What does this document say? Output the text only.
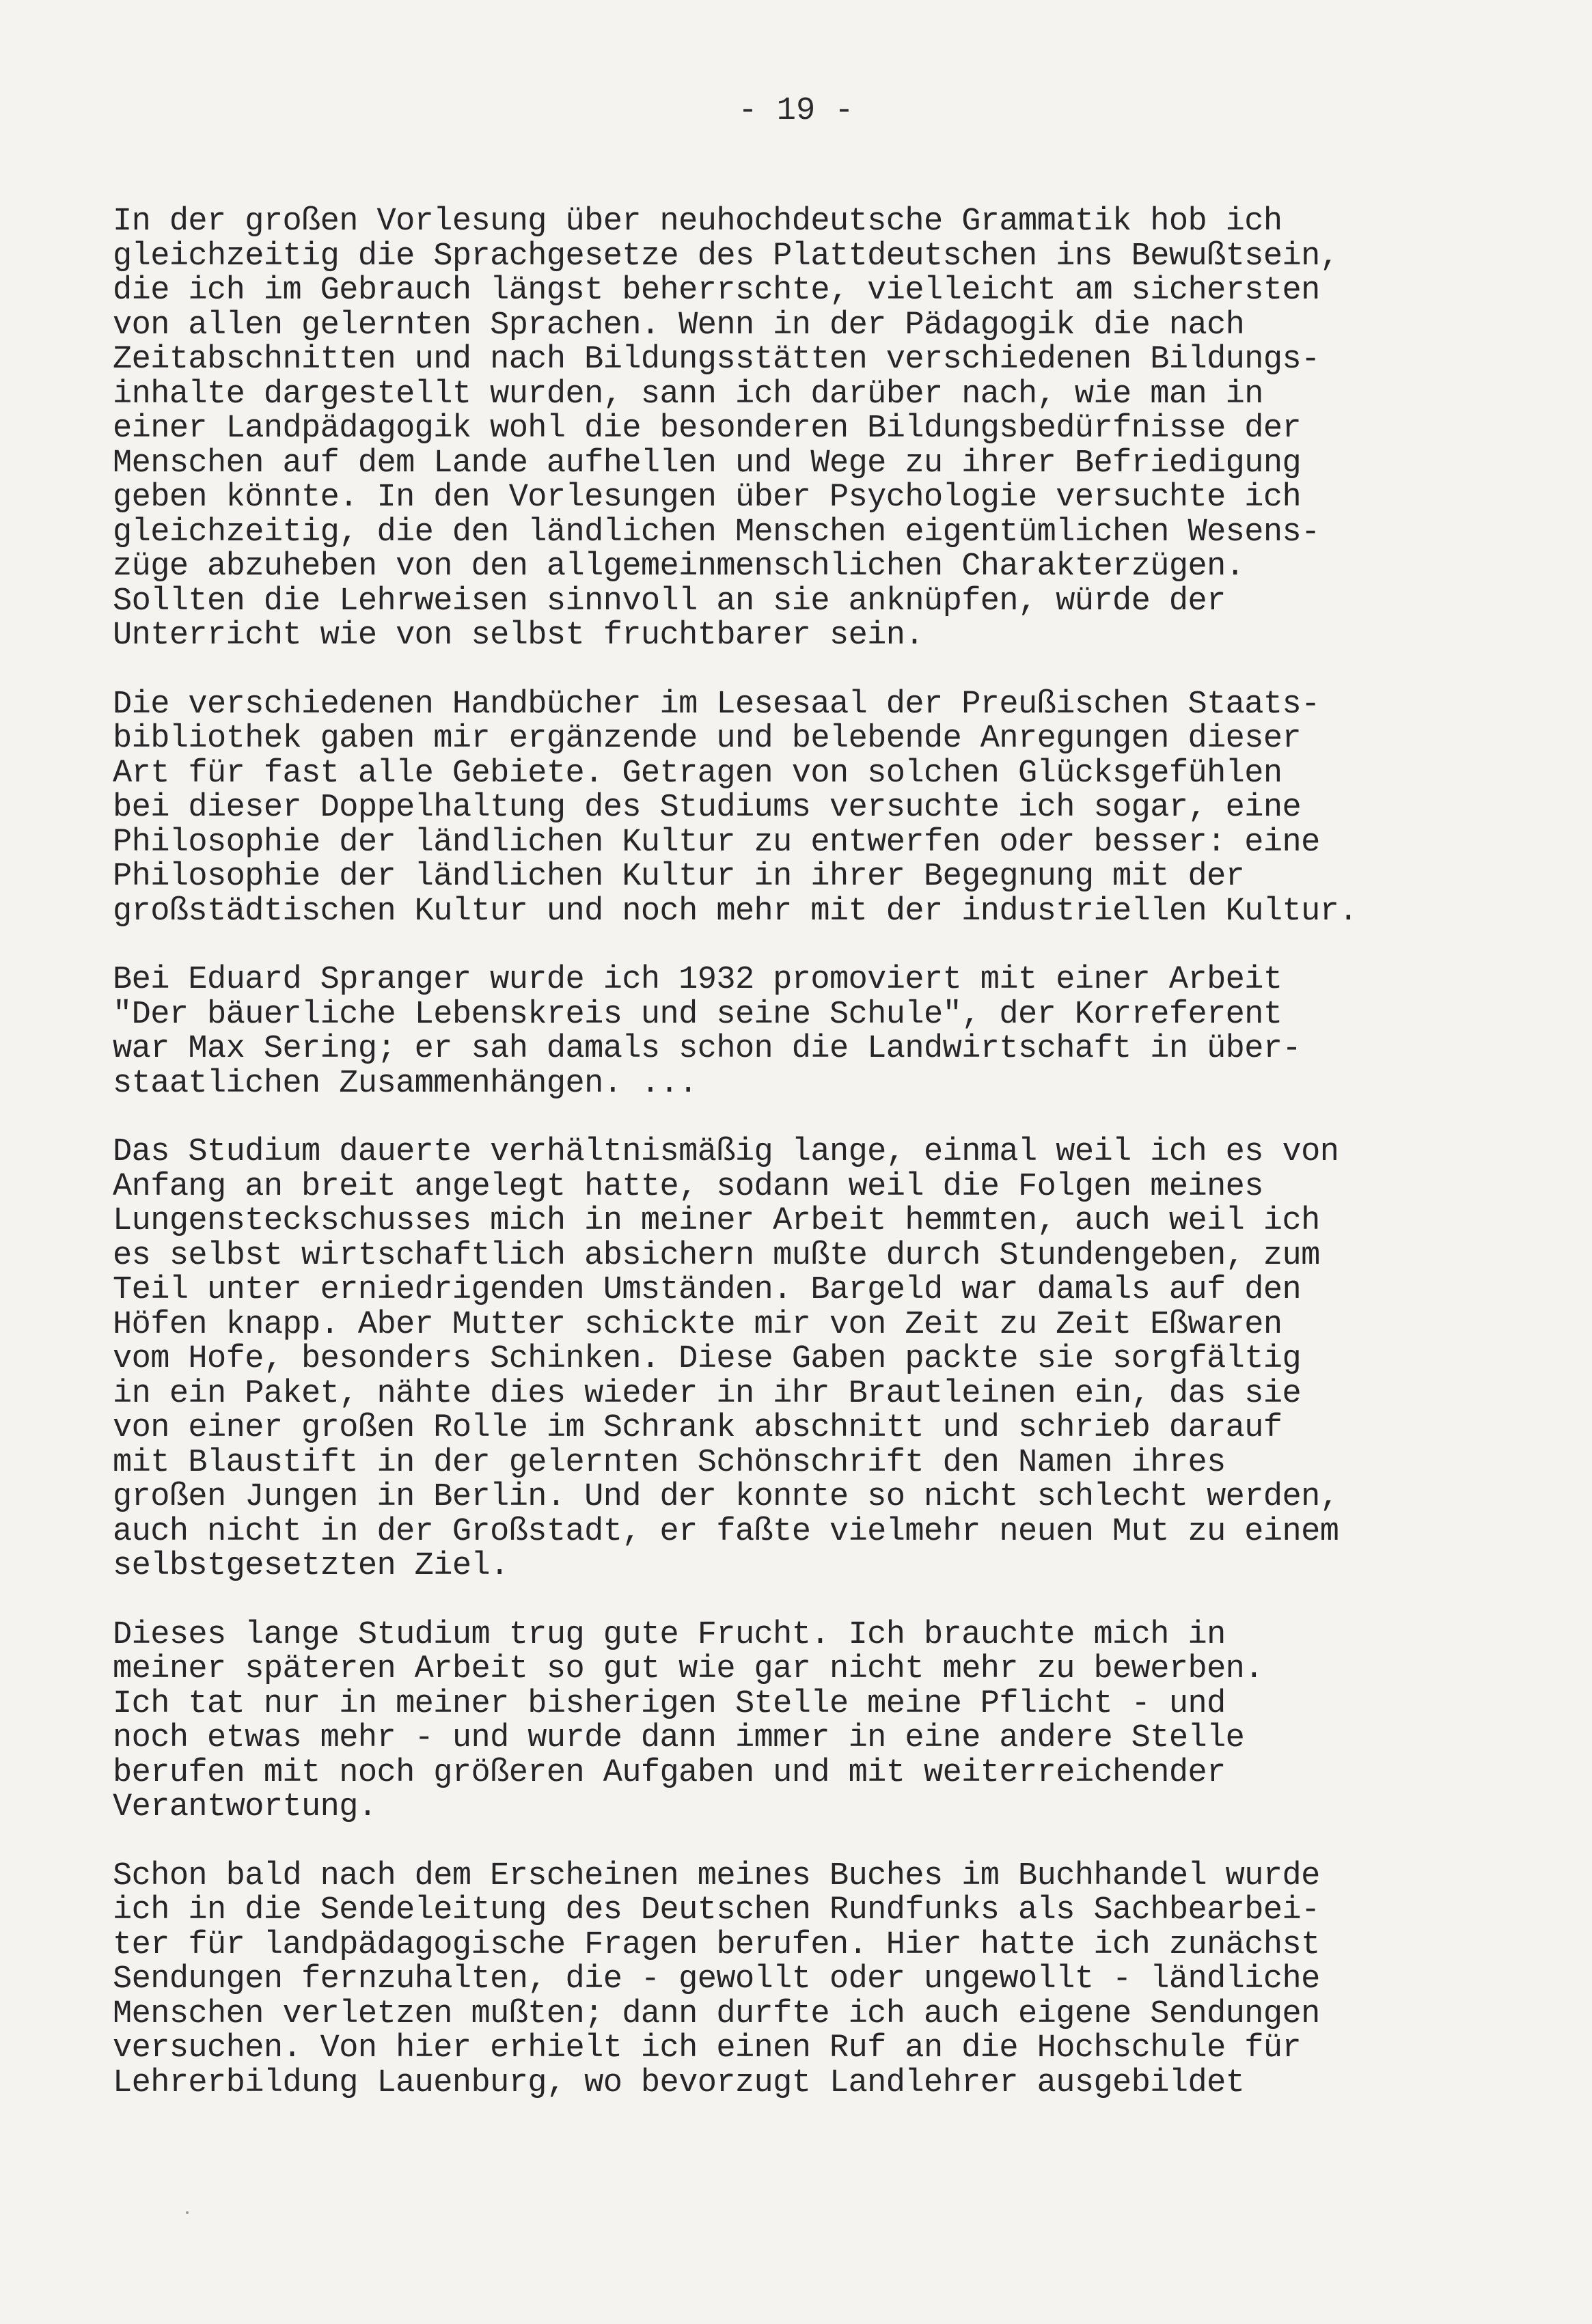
- 19 -
In der großen Vorlesung über neuhochdeutsche Grammatik hob ich
gleichzeitig die Sprachgesetze des Plattdeutschen ins Bewußtsein,
die ich im Gebrauch längst beherrschte, vielleicht am sichersten
von allen gelernten Sprachen. Wenn in der Pädagogik die nach
Zeitabschnitten und nach Bildungsstätten verschiedenen Bildungs-
inhalte dargestellt wurden, sann ich darüber nach, wie man in
einer Landpädagogik wohl die besonderen Bildungsbedürfnisse der
Menschen auf dem Lande aufhellen und Wege zu ihrer Befriedigung
geben könnte. In den Vorlesungen über Psychologie versuchte ich
gleichzeitig, die den ländlichen Menschen eigentümlichen Wesens-
züge abzuheben von den allgemeinmenschlichen Charakterzügen.
Sollten die Lehrweisen sinnvoll an sie anknüpfen, würde der
Unterricht wie von selbst fruchtbarer sein.
Die verschiedenen Handbücher im Lesesaal der Preußischen Staats-
bibliothek gaben mir ergänzende und belebende Anregungen dieser
Art für fast alle Gebiete. Getragen von solchen Glücksgefühlen
bei dieser Doppelhaltung des Studiums versuchte ich sogar, eine
Philosophie der ländlichen Kultur zu entwerfen oder besser: eine
Philosophie der ländlichen Kultur in ihrer Begegnung mit der
großstädtischen Kultur und noch mehr mit der industriellen Kultur.
Bei Eduard Spranger wurde ich 1932 promoviert mit einer Arbeit
"Der bäuerliche Lebenskreis und seine Schule", der Korreferent
war Max Sering; er sah damals schon die Landwirtschaft in über-
staatlichen Zusammenhängen. ...
Das Studium dauerte verhältnismäßig lange, einmal weil ich es von
Anfang an breit angelegt hatte, sodann weil die Folgen meines
Lungensteckschusses mich in meiner Arbeit hemmten, auch weil ich
es selbst wirtschaftlich absichern mußte durch Stundengeben, zum
Teil unter erniedrigenden Umständen. Bargeld war damals auf den
Höfen knapp. Aber Mutter schickte mir von Zeit zu Zeit Eßwaren
vom Hofe, besonders Schinken. Diese Gaben packte sie sorgfältig
in ein Paket, nähte dies wieder in ihr Brautleinen ein, das sie
von einer großen Rolle im Schrank abschnitt und schrieb darauf
mit Blaustift in der gelernten Schönschrift den Namen ihres
großen Jungen in Berlin. Und der konnte so nicht schlecht werden,
auch nicht in der Großstadt, er faßte vielmehr neuen Mut zu einem
selbstgesetzten Ziel.
Dieses lange Studium trug gute Frucht. Ich brauchte mich in
meiner späteren Arbeit so gut wie gar nicht mehr zu bewerben.
Ich tat nur in meiner bisherigen Stelle meine Pflicht - und
noch etwas mehr - und wurde dann immer in eine andere Stelle
berufen mit noch größeren Aufgaben und mit weiterreichender
Verantwortung.
Schon bald nach dem Erscheinen meines Buches im Buchhandel wurde
ich in die Sendeleitung des Deutschen Rundfunks als Sachbearbei-
ter für landpädagogische Fragen berufen. Hier hatte ich zunächst
Sendungen fernzuhalten, die - gewollt oder ungewollt - ländliche
Menschen verletzen mußten; dann durfte ich auch eigene Sendungen
versuchen. Von hier erhielt ich einen Ruf an die Hochschule für
Lehrerbildung Lauenburg, wo bevorzugt Landlehrer ausgebildet
